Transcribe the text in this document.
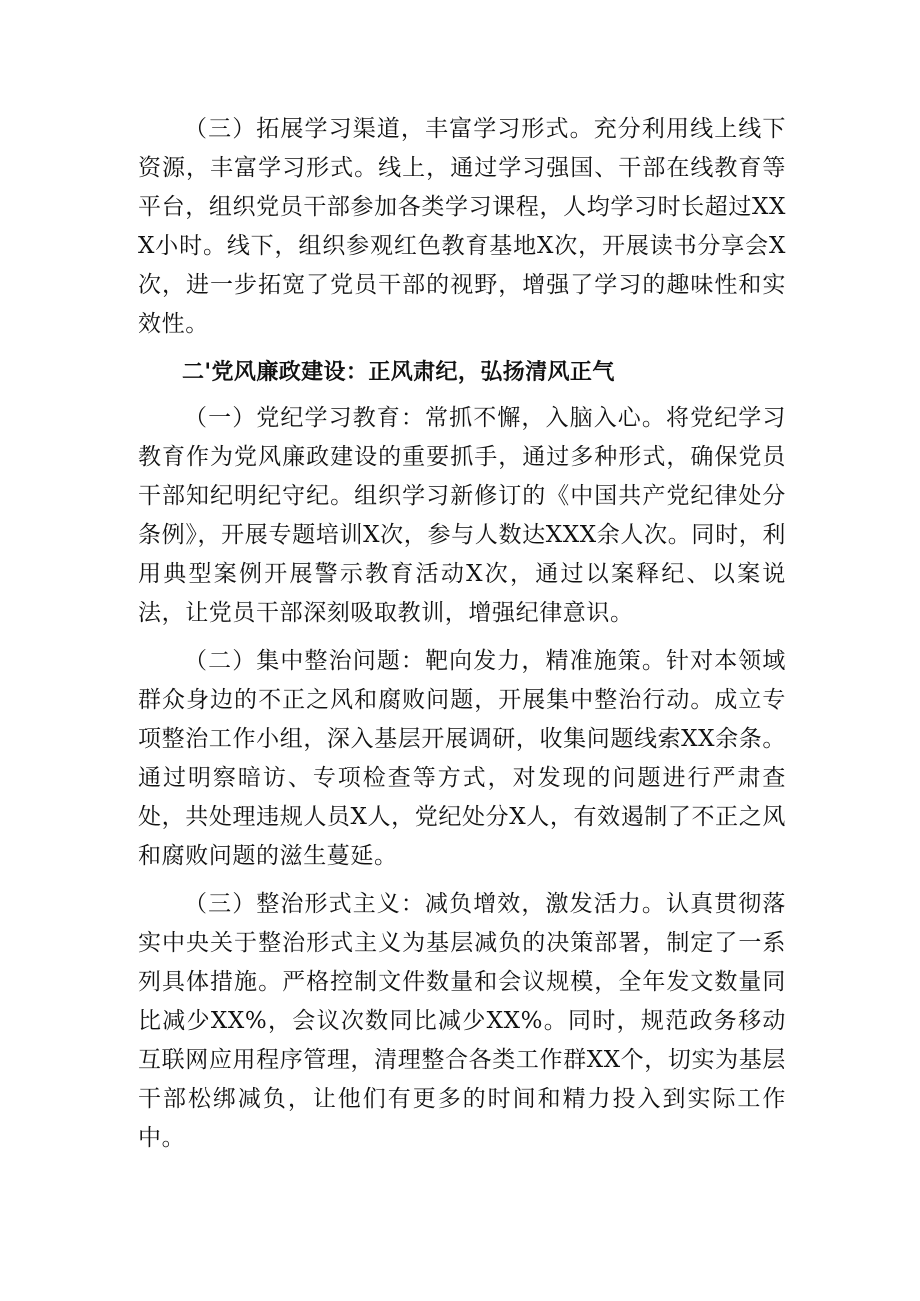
（三）拓展学习渠道，丰富学习形式。充分利用线上线下资源，丰富学习形式。线上，通过学习强国、干部在线教育等平台，组织党员干部参加各类学习课程，人均学习时长超过XXX小时。线下，组织参观红色教育基地X次，开展读书分享会X次，进一步拓宽了党员干部的视野，增强了学习的趣味性和实效性。

二'党风廉政建设：正风肃纪，弘扬清风正气

（一）党纪学习教育：常抓不懈，入脑入心。将党纪学习教育作为党风廉政建设的重要抓手，通过多种形式，确保党员干部知纪明纪守纪。组织学习新修订的《中国共产党纪律处分条例》，开展专题培训X次，参与人数达XXX余人次。同时，利用典型案例开展警示教育活动X次，通过以案释纪、以案说法，让党员干部深刻吸取教训，增强纪律意识。

（二）集中整治问题：靶向发力，精准施策。针对本领域群众身边的不正之风和腐败问题，开展集中整治行动。成立专项整治工作小组，深入基层开展调研，收集问题线索XX余条。通过明察暗访、专项检查等方式，对发现的问题进行严肃查处，共处理违规人员X人，党纪处分X人，有效遏制了不正之风和腐败问题的滋生蔓延。

（三）整治形式主义：减负增效，激发活力。认真贯彻落实中央关于整治形式主义为基层减负的决策部署，制定了一系列具体措施。严格控制文件数量和会议规模，全年发文数量同比减少XX%，会议次数同比减少XX%。同时，规范政务移动互联网应用程序管理，清理整合各类工作群XX个，切实为基层干部松绑减负，让他们有更多的时间和精力投入到实际工作中。
